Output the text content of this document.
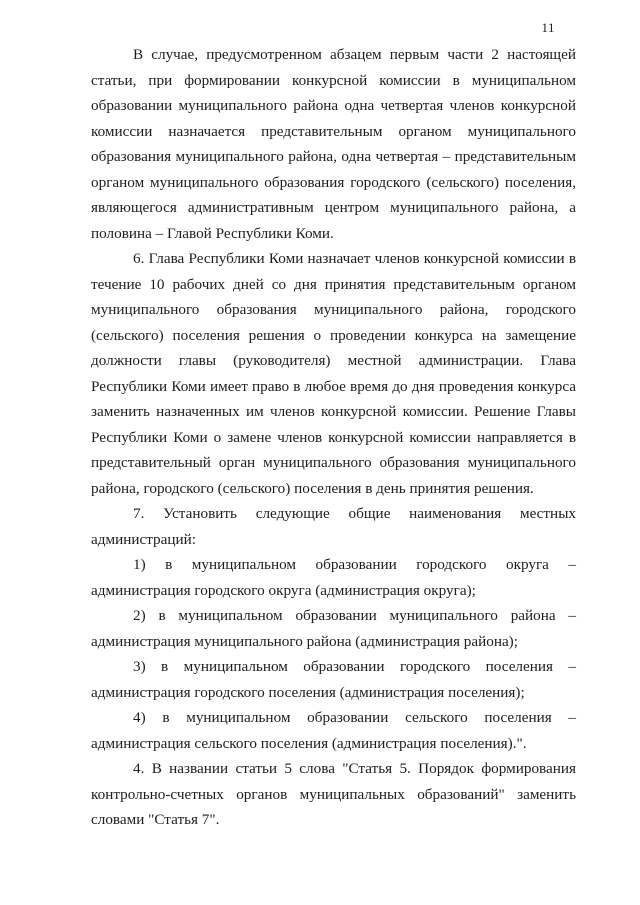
11

В случае, предусмотренном абзацем первым части 2 настоящей статьи, при формировании конкурсной комиссии в муниципальном образовании муниципального района одна четвертая членов конкурсной комиссии назначается представительным органом муниципального образования муниципального района, одна четвертая – представительным органом муниципального образования городского (сельского) поселения, являющегося административным центром муниципального района, а половина – Главой Республики Коми.

6. Глава Республики Коми назначает членов конкурсной комиссии в течение 10 рабочих дней со дня принятия представительным органом муниципального образования муниципального района, городского (сельского) поселения решения о проведении конкурса на замещение должности главы (руководителя) местной администрации. Глава Республики Коми имеет право в любое время до дня проведения конкурса заменить назначенных им членов конкурсной комиссии. Решение Главы Республики Коми о замене членов конкурсной комиссии направляется в представительный орган муниципального образования муниципального района, городского (сельского) поселения в день принятия решения.

7. Установить следующие общие наименования местных администраций:

1) в муниципальном образовании городского округа – администрация городского округа (администрация округа);

2) в муниципальном образовании муниципального района – администрация муниципального района (администрация района);

3) в муниципальном образовании городского поселения – администрация городского поселения (администрация поселения);

4) в муниципальном образовании сельского поселения – администрация сельского поселения (администрация поселения).".

4. В названии статьи 5 слова "Статья 5. Порядок формирования контрольно-счетных органов муниципальных образований" заменить словами "Статья 7".
